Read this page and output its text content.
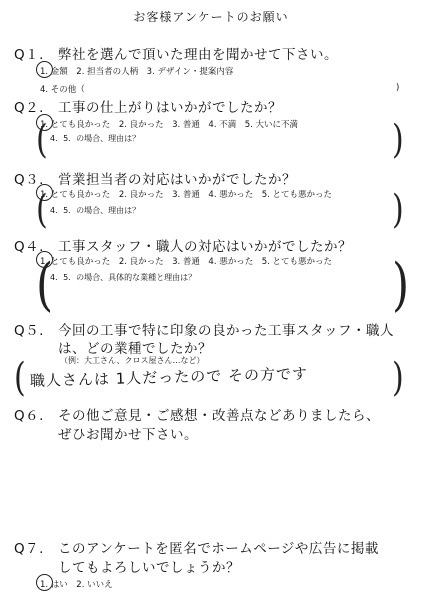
お客様アンケートのお願い
Q１. 弊社を選んで頂いた理由を聞かせて下さい。
1. 金額　2. 担当者の人柄　3. デザイン・提案内容
4. その他（	)
Q２. 工事の仕上がりはいかがでしたか？
1. とても良かった　2. 良かった　3. 普通　4. 不満　5. 大いに不満
( 4．5．の場合、理由は？	)
Q３. 営業担当者の対応はいかがでしたか？
1. とても良かった　2. 良かった　3. 普通　4. 悪かった　5. とても悪かった
( 4．5．の場合、理由は？	)
Q４. 工事スタッフ・職人の対応はいかがでしたか？
1. とても良かった　2. 良かった　3. 普通　4. 悪かった　5. とても悪かった
(
4．5．の場合、具体的な業種と理由は？	)
Q５. 今回の工事で特に印象の良かった工事スタッフ・職人
は、どの業種でしたか？
（例：大工さん、クロス屋さん…など）
( 職人さんは 1人だったので その方です	)
Q６. その他ご意見・ご感想・改善点などありましたら、
ぜひお聞かせ下さい。
Q７. このアンケートを匿名でホームページや広告に掲載
してもよろしいでしょうか？
1. はい　2. いいえ
